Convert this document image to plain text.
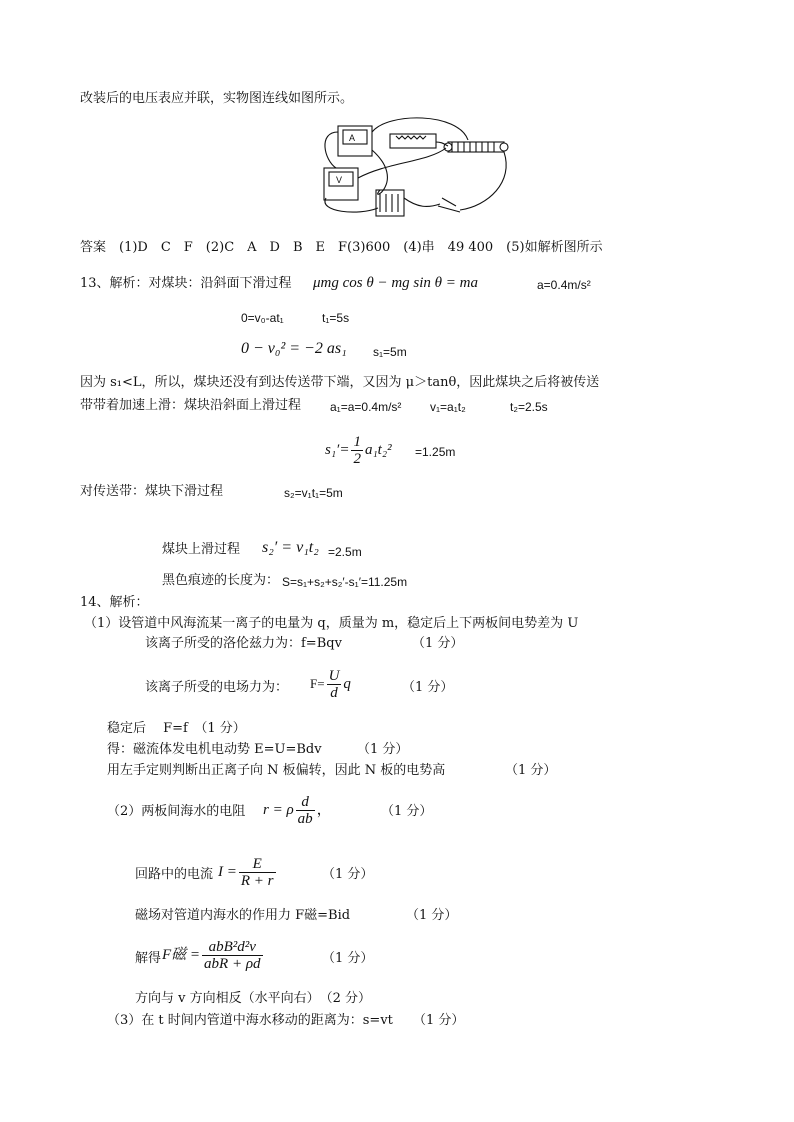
改装后的电压表应并联，实物图连线如图所示。
A
V
答案　(1)D　C　F　(2)C　A　D　B　E　F(3)600　(4)串　49 400　(5)如解析图所示
13、解析：对煤块：沿斜面下滑过程 μmg cos θ − mg sin θ = ma	a=0.4m/s²
0=v₀-at₁	t₁=5s
0 − v₀² = −2 as₁ s₁=5m
因为 s₁<L，所以，煤块还没有到达传送带下端，又因为 μ＞tanθ，因此煤块之后将被传送
带带着加速上滑：煤块沿斜面上滑过程 a₁=a=0.4m/s² v₁=a₁t₂	t₂=2.5s
$s_1'= \frac{1}{2} a_1t_2^2 =1.25m$
对传送带：煤块下滑过程	s₂=v₁t₁=5m
煤块上滑过程 s₂′ = v₁t₂ =2.5m
黑色痕迹的长度为： S=s₁+s₂+s₂′-s₁′=11.25m
14、解析：
（1）设管道中风海流某一离子的电量为 q，质量为 m，稳定后上下两板间电势差为 U
该离子所受的洛伦兹力为：f=Bqv	（1 分）
该离子所受的电场力为： $F= \frac{U}{d}$ q	（1 分）
稳定后　 F=f　（1 分）
得：磁流体发电机电动势 E=U=Bdv	（1 分）
用左手定则判断出正离子向 N 板偏转，因此 N 板的电势高	（1 分）
（2）两板间海水的电阻 r = ρ $\frac{d}{ab}$ ，	（1 分）
回路中的电流 $I = \frac{E}{R + r}$	（1 分）
磁场对管道内海水的作用力 F磁=Bid	（1 分）
解得 F磁 = $\frac{\text{abB²d²v}}{\text{abR + ρd}}$	（1 分）
方向与 v 方向相反（水平向右）　（2 分）
（3）在 t 时间内管道中海水移动的距离为：s=vt （1 分）
